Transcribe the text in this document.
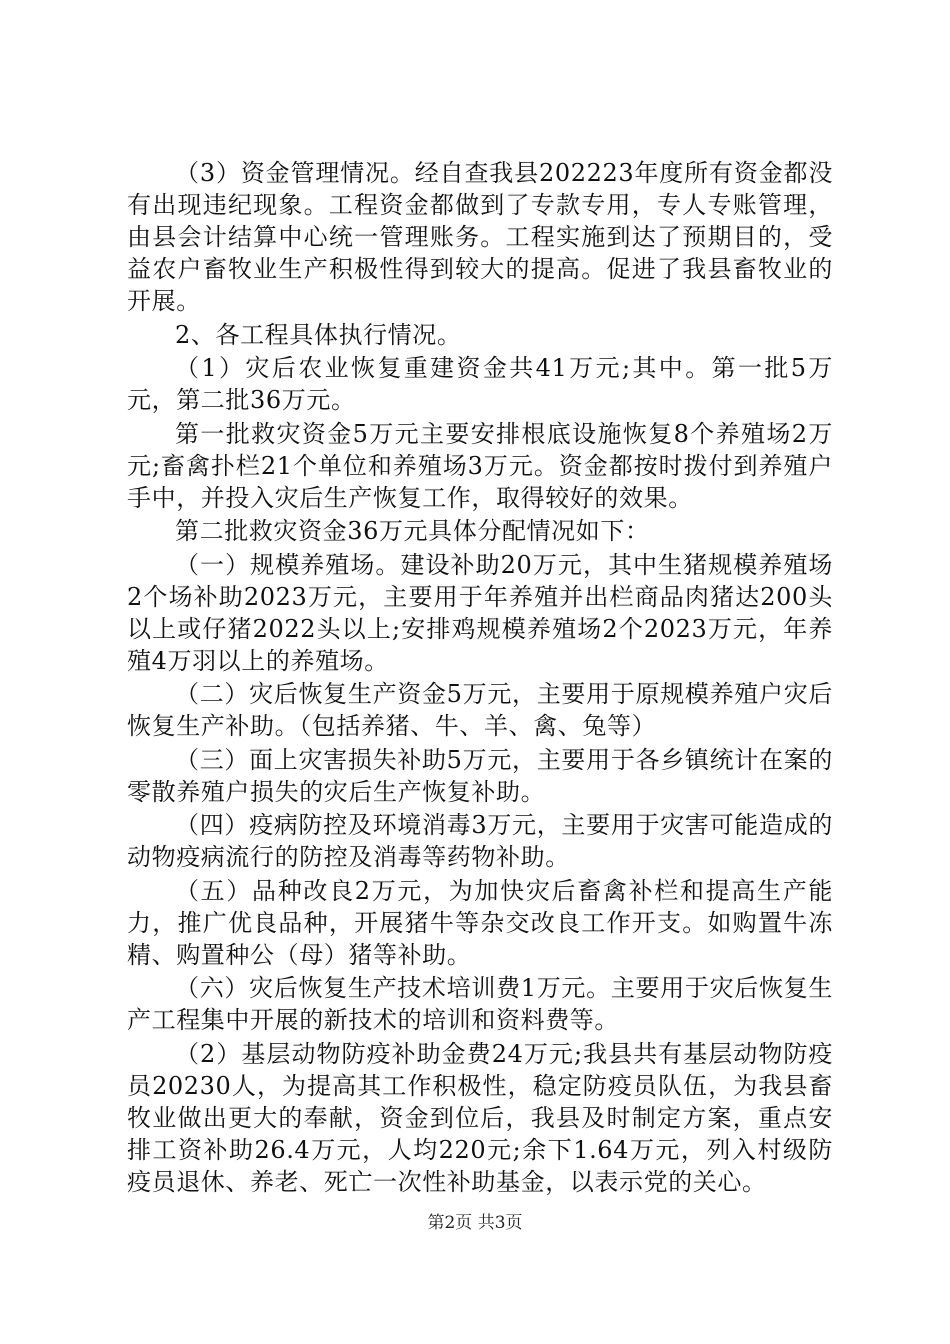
（3）资金管理情况。经自查我县202223年度所有资金都没有出现违纪现象。工程资金都做到了专款专用，专人专账管理，由县会计结算中心统一管理账务。工程实施到达了预期目的，受益农户畜牧业生产积极性得到较大的提高。促进了我县畜牧业的开展。

2、各工程具体执行情况。

（1）灾后农业恢复重建资金共41万元;其中。第一批5万元，第二批36万元。

第一批救灾资金5万元主要安排根底设施恢复8个养殖场2万元;畜禽扑栏21个单位和养殖场3万元。资金都按时拨付到养殖户手中，并投入灾后生产恢复工作，取得较好的效果。

第二批救灾资金36万元具体分配情况如下：

（一）规模养殖场。建设补助20万元，其中生猪规模养殖场2个场补助2023万元，主要用于年养殖并出栏商品肉猪达200头以上或仔猪2022头以上;安排鸡规模养殖场2个2023万元，年养殖4万羽以上的养殖场。

（二）灾后恢复生产资金5万元，主要用于原规模养殖户灾后恢复生产补助。（包括养猪、牛、羊、禽、兔等）

（三）面上灾害损失补助5万元，主要用于各乡镇统计在案的零散养殖户损失的灾后生产恢复补助。

（四）疫病防控及环境消毒3万元，主要用于灾害可能造成的动物疫病流行的防控及消毒等药物补助。

（五）品种改良2万元，为加快灾后畜禽补栏和提高生产能力，推广优良品种，开展猪牛等杂交改良工作开支。如购置牛冻精、购置种公（母）猪等补助。

（六）灾后恢复生产技术培训费1万元。主要用于灾后恢复生产工程集中开展的新技术的培训和资料费等。

（2）基层动物防疫补助金费24万元;我县共有基层动物防疫员20230人，为提高其工作积极性，稳定防疫员队伍，为我县畜牧业做出更大的奉献，资金到位后，我县及时制定方案，重点安排工资补助26.4万元，人均220元;余下1.64万元，列入村级防疫员退休、养老、死亡一次性补助基金，以表示党的关心。

第2页 共3页
